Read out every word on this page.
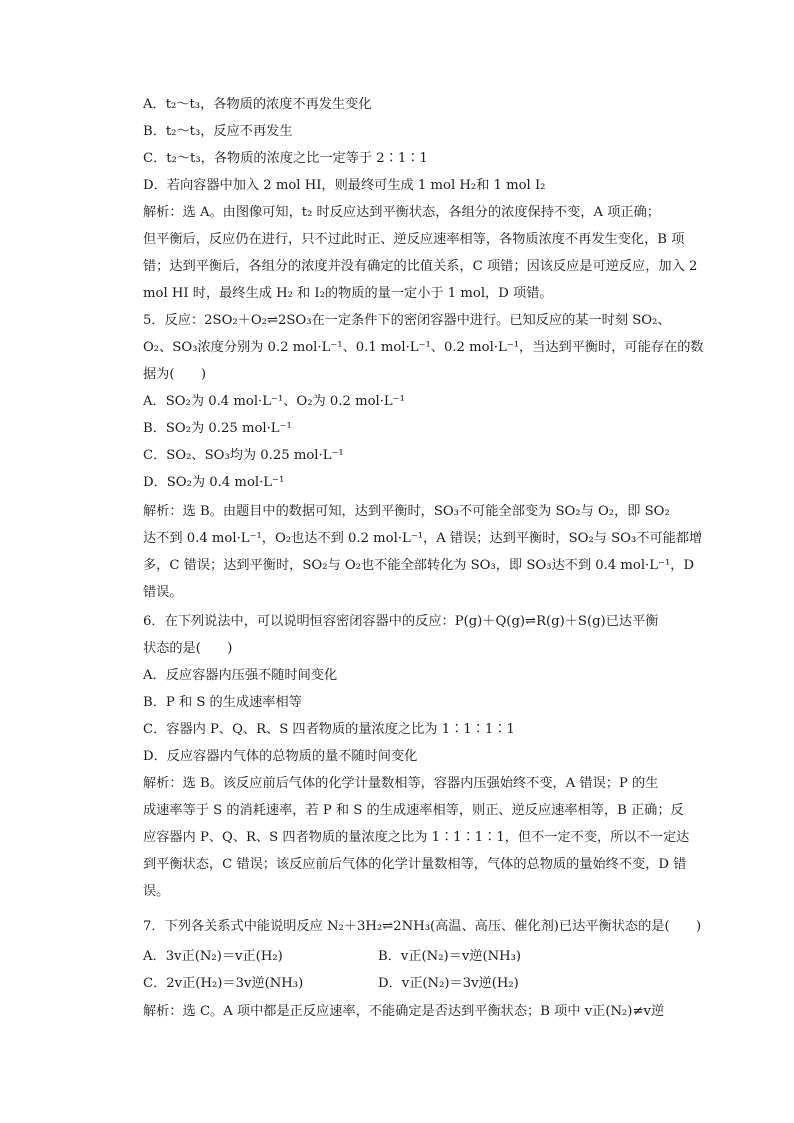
A．t₂～t₃，各物质的浓度不再发生变化
B．t₂～t₃，反应不再发生
C．t₂～t₃，各物质的浓度之比一定等于 2∶1∶1
D．若向容器中加入 2 mol HI，则最终可生成 1 mol H₂和 1 mol I₂
解析：选 A。由图像可知，t₂ 时反应达到平衡状态，各组分的浓度保持不变，A 项正确；
但平衡后，反应仍在进行，只不过此时正、逆反应速率相等，各物质浓度不再发生变化，B 项
错；达到平衡后，各组分的浓度并没有确定的比值关系，C 项错；因该反应是可逆反应，加入 2
mol HI 时，最终生成 H₂ 和 I₂的物质的量一定小于 1 mol，D 项错。
5．反应：2SO₂＋O₂⇌2SO₃在一定条件下的密闭容器中进行。已知反应的某一时刻 SO₂、
O₂、SO₃浓度分别为 0.2 mol·L⁻¹、0.1 mol·L⁻¹、0.2 mol·L⁻¹，当达到平衡时，可能存在的数
据为(　　)
A．SO₂为 0.4 mol·L⁻¹、O₂为 0.2 mol·L⁻¹
B．SO₂为 0.25 mol·L⁻¹
C．SO₂、SO₃均为 0.25 mol·L⁻¹
D．SO₂为 0.4 mol·L⁻¹
解析：选 B。由题目中的数据可知，达到平衡时，SO₃不可能全部变为 SO₂与 O₂，即 SO₂
达不到 0.4 mol·L⁻¹，O₂也达不到 0.2 mol·L⁻¹，A 错误；达到平衡时，SO₂与 SO₃不可能都增
多，C 错误；达到平衡时，SO₂与 O₂也不能全部转化为 SO₃，即 SO₃达不到 0.4 mol·L⁻¹，D
错误。
6．在下列说法中，可以说明恒容密闭容器中的反应：P(g)＋Q(g)⇌R(g)＋S(g)已达平衡
状态的是(　　)
A．反应容器内压强不随时间变化
B．P 和 S 的生成速率相等
C．容器内 P、Q、R、S 四者物质的量浓度之比为 1∶1∶1∶1
D．反应容器内气体的总物质的量不随时间变化
解析：选 B。该反应前后气体的化学计量数相等，容器内压强始终不变，A 错误；P 的生
成速率等于 S 的消耗速率，若 P 和 S 的生成速率相等，则正、逆反应速率相等，B 正确；反
应容器内 P、Q、R、S 四者物质的量浓度之比为 1∶1∶1∶1，但不一定不变，所以不一定达
到平衡状态，C 错误；该反应前后气体的化学计量数相等，气体的总物质的量始终不变，D 错
误。
7．下列各关系式中能说明反应 N₂＋3H₂⇌2NH₃(高温、高压、催化剂)已达平衡状态的是(　　)
解析：选 C。A 项中都是正反应速率，不能确定是否达到平衡状态；B 项中 v正(N₂)≠v逆
A．3v正(N₂)＝v正(H₂)	B．v正(N₂)＝v逆(NH₃)
C．2v正(H₂)＝3v逆(NH₃)	D．v正(N₂)＝3v逆(H₂)
